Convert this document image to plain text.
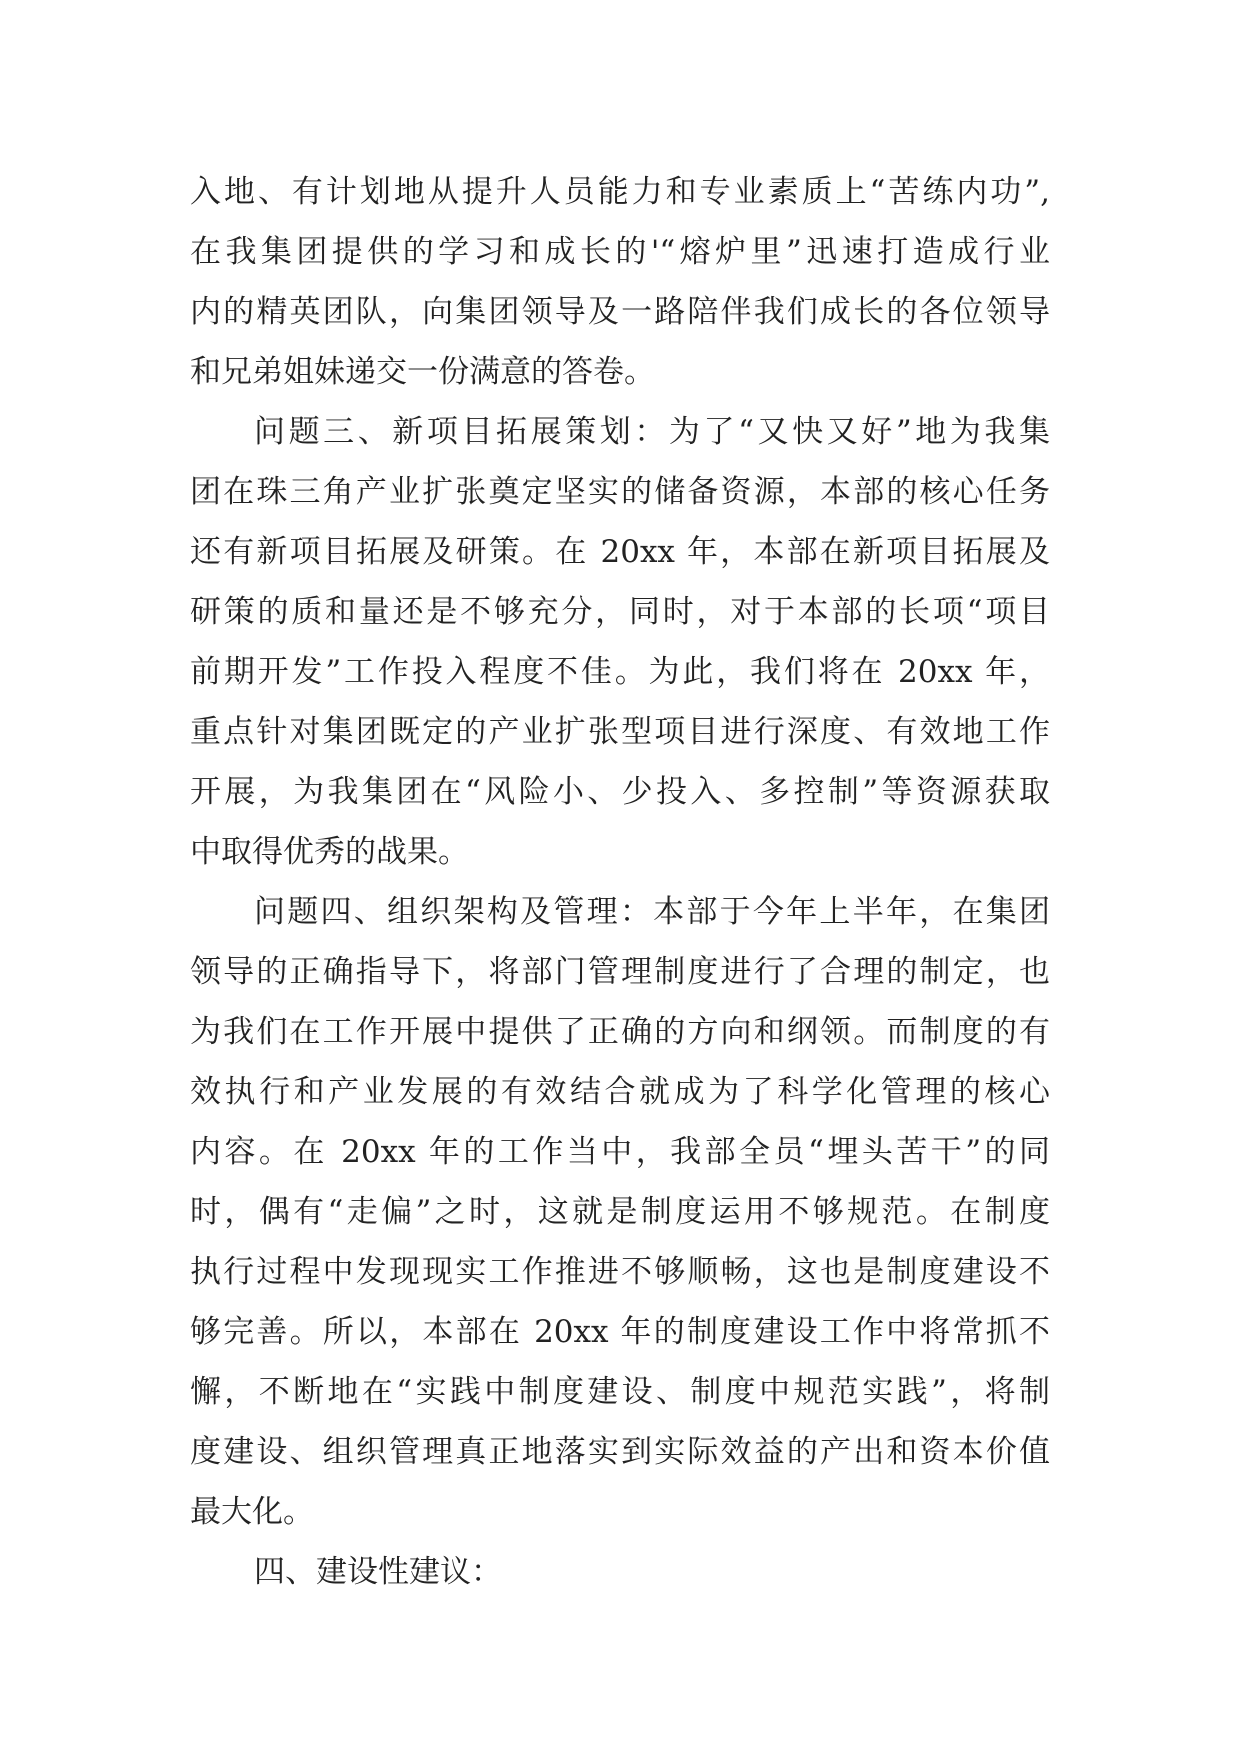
入地、有计划地从提升人员能力和专业素质上“苦练内功”,
在我集团提供的学习和成长的'“熔炉里”迅速打造成行业
内的精英团队，向集团领导及一路陪伴我们成长的各位领导
和兄弟姐妹递交一份满意的答卷。
问题三、新项目拓展策划：为了“又快又好”地为我集
团在珠三角产业扩张奠定坚实的储备资源，本部的核心任务
还有新项目拓展及研策。在 20xx 年，本部在新项目拓展及
研策的质和量还是不够充分，同时，对于本部的长项“项目
前期开发”工作投入程度不佳。为此，我们将在 20xx 年，
重点针对集团既定的产业扩张型项目进行深度、有效地工作
开展，为我集团在“风险小、少投入、多控制”等资源获取
中取得优秀的战果。
问题四、组织架构及管理：本部于今年上半年，在集团
领导的正确指导下，将部门管理制度进行了合理的制定，也
为我们在工作开展中提供了正确的方向和纲领。而制度的有
效执行和产业发展的有效结合就成为了科学化管理的核心
内容。在 20xx 年的工作当中，我部全员“埋头苦干”的同
时，偶有“走偏”之时，这就是制度运用不够规范。在制度
执行过程中发现现实工作推进不够顺畅，这也是制度建设不
够完善。所以，本部在 20xx 年的制度建设工作中将常抓不
懈，不断地在“实践中制度建设、制度中规范实践”，将制
度建设、组织管理真正地落实到实际效益的产出和资本价值
最大化。
四、建设性建议：
